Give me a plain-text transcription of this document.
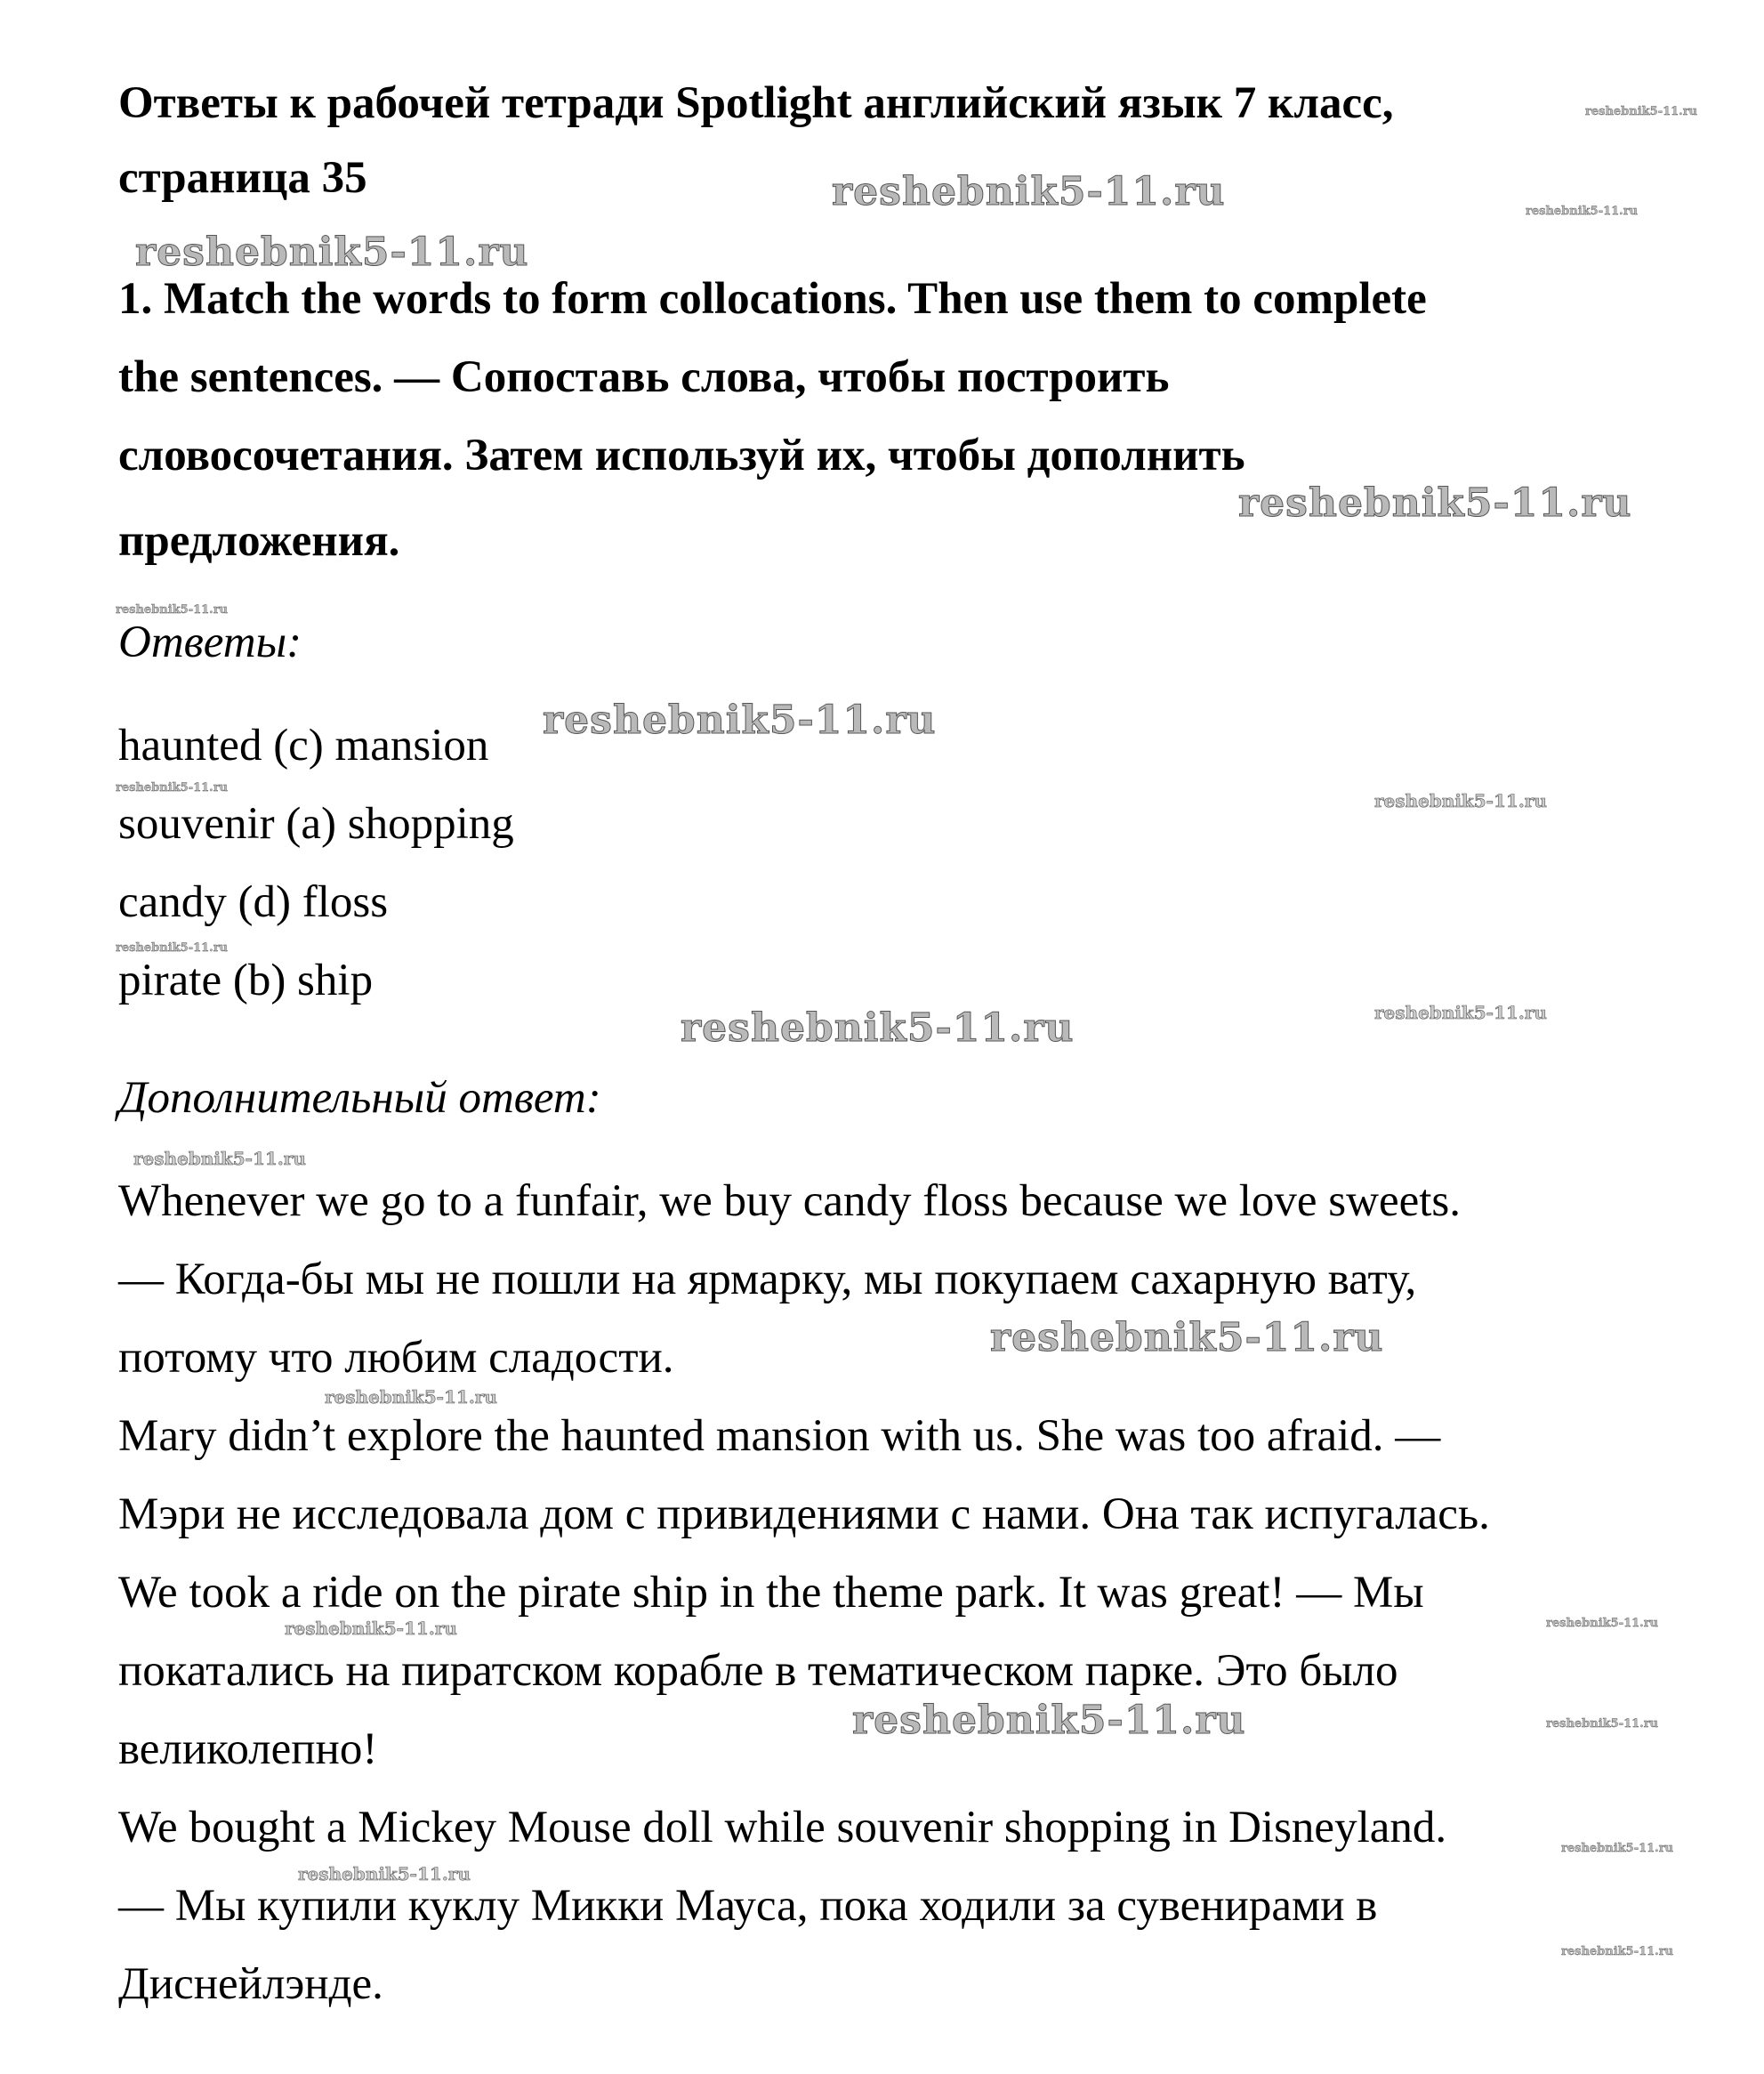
Ответы к рабочей тетради Spotlight английский язык 7 класс,
страница 35
1. Match the words to form collocations. Then use them to complete
the sentences. — Сопоставь слова, чтобы построить
словосочетания. Затем используй их, чтобы дополнить
предложения.
Ответы:
haunted (c) mansion
souvenir (a) shopping
candy (d) floss
pirate (b) ship
Дополнительный ответ:
Whenever we go to a funfair, we buy candy floss because we love sweets.
— Когда-бы мы не пошли на ярмарку, мы покупаем сахарную вату,
потому что любим сладости.
Mary didn’t explore the haunted mansion with us. She was too afraid. —
Мэри не исследовала дом с привидениями с нами. Она так испугалась.
We took a ride on the pirate ship in the theme park. It was great! — Мы
покатались на пиратском корабле в тематическом парке. Это было
великолепно!
We bought a Mickey Mouse doll while souvenir shopping in Disneyland.
— Мы купили куклу Микки Мауса, пока ходили за сувенирами в
Диснейлэнде.
reshebnik5-11.ru
reshebnik5-11.ru
reshebnik5-11.ru
reshebnik5-11.ru
reshebnik5-11.ru
reshebnik5-11.ru
reshebnik5-11.ru
reshebnik5-11.ru
reshebnik5-11.ru
reshebnik5-11.ru
reshebnik5-11.ru
reshebnik5-11.ru
reshebnik5-11.ru
reshebnik5-11.ru
reshebnik5-11.ru
reshebnik5-11.ru
reshebnik5-11.ru
reshebnik5-11.ru
reshebnik5-11.ru
reshebnik5-11.ru
reshebnik5-11.ru
reshebnik5-11.ru
